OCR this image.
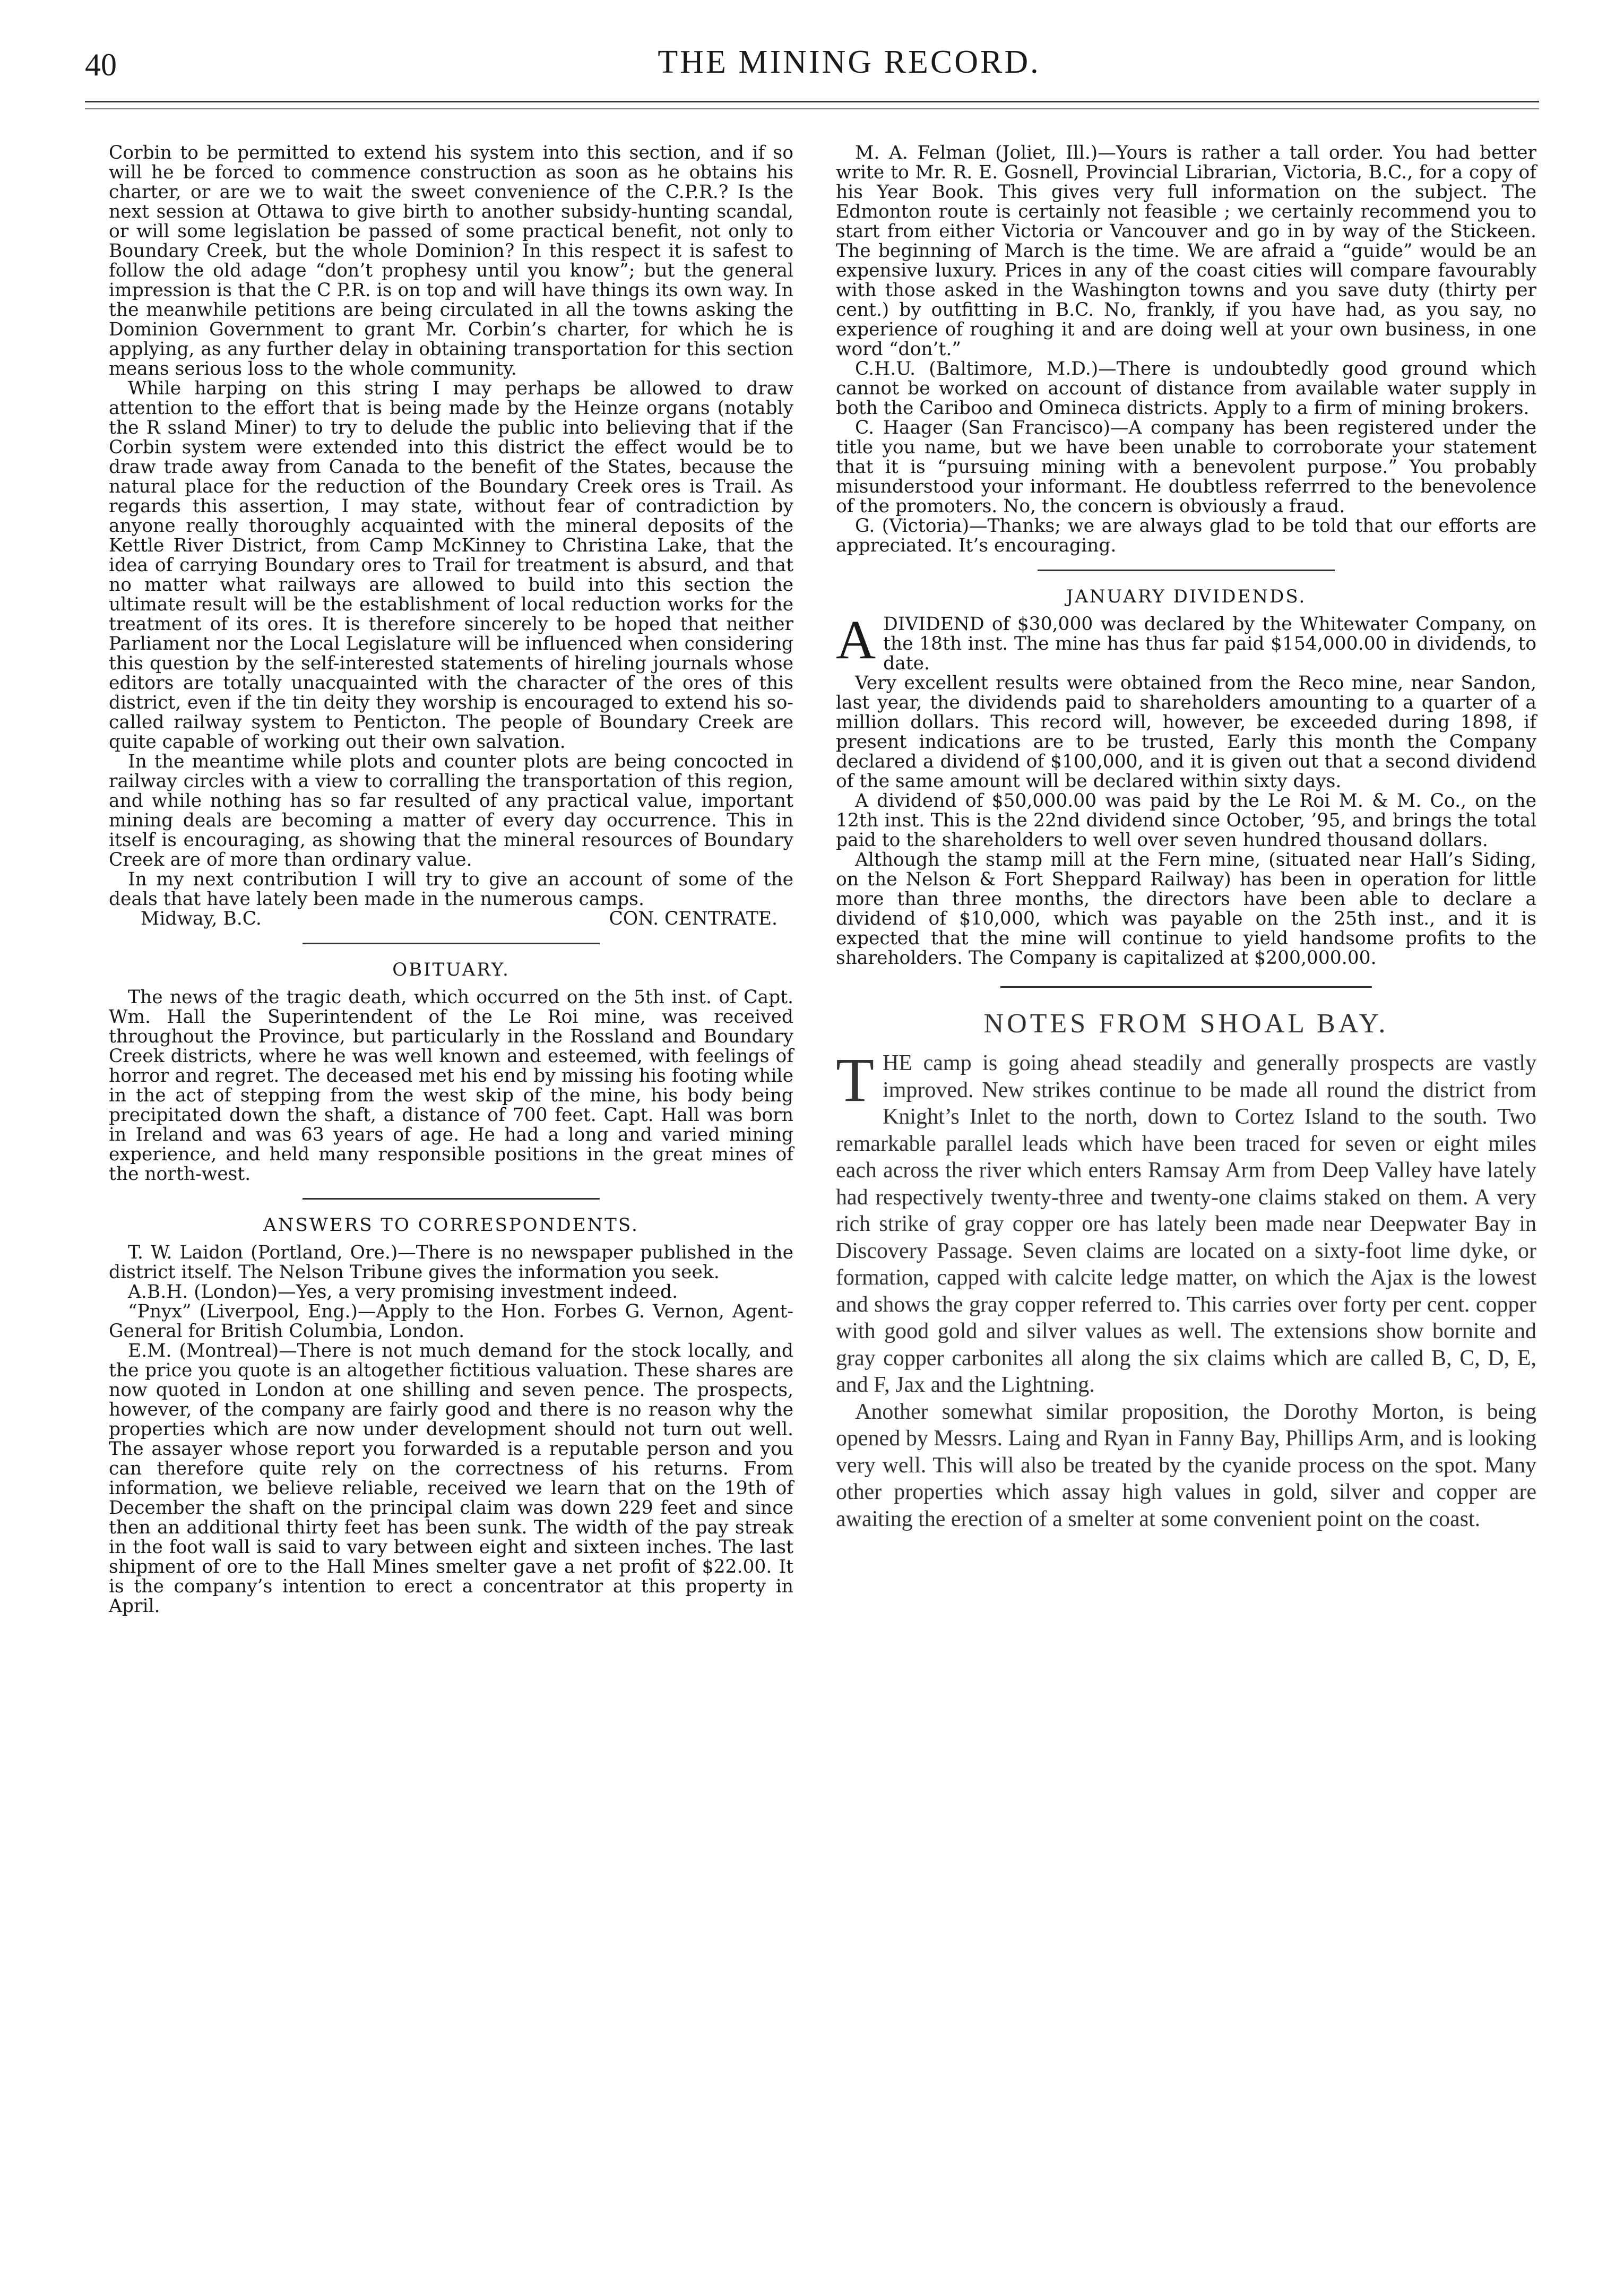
40	THE MINING RECORD.

Corbin to be permitted to extend his system into this section, and if so will he be forced to commence construction as soon as he obtains his charter, or are we to wait the sweet convenience of the C.P.R.? Is the next session at Ottawa to give birth to another subsidy-hunting scandal, or will some legislation be passed of some practical benefit, not only to Boundary Creek, but the whole Dominion? In this respect it is safest to follow the old adage “don’t prophesy until you know”; but the general impression is that the C P.R. is on top and will have things its own way. In the meanwhile petitions are being circulated in all the towns asking the Dominion Government to grant Mr. Corbin’s charter, for which he is applying, as any further delay in obtaining transportation for this section means serious loss to the whole community.

While harping on this string I may perhaps be allowed to draw attention to the effort that is being made by the Heinze organs (notably the R ssland Miner) to try to delude the public into believing that if the Corbin system were extended into this district the effect would be to draw trade away from Canada to the benefit of the States, because the natural place for the reduction of the Boundary Creek ores is Trail. As regards this assertion, I may state, without fear of contradiction by anyone really thoroughly acquainted with the mineral deposits of the Kettle River District, from Camp McKinney to Christina Lake, that the idea of carrying Boundary ores to Trail for treatment is absurd, and that no matter what railways are allowed to build into this section the ultimate result will be the establishment of local reduction works for the treatment of its ores. It is therefore sincerely to be hoped that neither Parliament nor the Local Legislature will be influenced when considering this question by the self-interested statements of hireling journals whose editors are totally unacquainted with the character of the ores of this district, even if the tin deity they worship is encouraged to extend his so-called railway system to Penticton. The people of Boundary Creek are quite capable of working out their own salvation.

In the meantime while plots and counter plots are being concocted in railway circles with a view to corralling the transportation of this region, and while nothing has so far resulted of any practical value, important mining deals are becoming a matter of every day occurrence. This in itself is encouraging, as showing that the mineral resources of Boundary Creek are of more than ordinary value.

In my next contribution I will try to give an account of some of the deals that have lately been made in the numerous camps.

Midway, B.C.	CON. CENTRATE.
OBITUARY.

The news of the tragic death, which occurred on the 5th inst. of Capt. Wm. Hall the Superintendent of the Le Roi mine, was received throughout the Province, but particularly in the Rossland and Boundary Creek districts, where he was well known and esteemed, with feelings of horror and regret. The deceased met his end by missing his footing while in the act of stepping from the west skip of the mine, his body being precipitated down the shaft, a distance of 700 feet. Capt. Hall was born in Ireland and was 63 years of age. He had a long and varied mining experience, and held many responsible positions in the great mines of the north-west.

ANSWERS TO CORRESPONDENTS.

T. W. Laidon (Portland, Ore.)—There is no newspaper published in the district itself. The Nelson Tribune gives the information you seek.

A.B.H. (London)—Yes, a very promising investment indeed.

“Pnyx” (Liverpool, Eng.)—Apply to the Hon. Forbes G. Vernon, Agent-General for British Columbia, London.

E.M. (Montreal)—There is not much demand for the stock locally, and the price you quote is an altogether fictitious valuation. These shares are now quoted in London at one shilling and seven pence. The prospects, however, of the company are fairly good and there is no reason why the properties which are now under development should not turn out well. The assayer whose report you forwarded is a reputable person and you can therefore quite rely on the correctness of his returns. From information, we believe reliable, received we learn that on the 19th of December the shaft on the principal claim was down 229 feet and since then an additional thirty feet has been sunk. The width of the pay streak in the foot wall is said to vary between eight and sixteen inches. The last shipment of ore to the Hall Mines smelter gave a net profit of $22.00. It is the company’s intention to erect a concentrator at this property in April.

M. A. Felman (Joliet, Ill.)—Yours is rather a tall order. You had better write to Mr. R. E. Gosnell, Provincial Librarian, Victoria, B.C., for a copy of his Year Book. This gives very full information on the subject. The Edmonton route is certainly not feasible ; we certainly recommend you to start from either Victoria or Vancouver and go in by way of the Stickeen. The beginning of March is the time. We are afraid a “guide” would be an expensive luxury. Prices in any of the coast cities will compare favourably with those asked in the Washington towns and you save duty (thirty per cent.) by outfitting in B.C. No, frankly, if you have had, as you say, no experience of roughing it and are doing well at your own business, in one word “don’t.”

C.H.U. (Baltimore, M.D.)—There is undoubtedly good ground which cannot be worked on account of distance from available water supply in both the Cariboo and Omineca districts. Apply to a firm of mining brokers.

C. Haager (San Francisco)—A company has been registered under the title you name, but we have been unable to corroborate your statement that it is “pursuing mining with a benevolent purpose.” You probably misunderstood your informant. He doubtless referrred to the benevolence of the promoters. No, the concern is obviously a fraud.

G. (Victoria)—Thanks; we are always glad to be told that our efforts are appreciated. It’s encouraging.

JANUARY DIVIDENDS.

ADIVIDEND of $30,000 was declared by the Whitewater Company, on the 18th inst. The mine has thus far paid $154,000.00 in dividends, to date.

Very excellent results were obtained from the Reco mine, near Sandon, last year, the dividends paid to shareholders amounting to a quarter of a million dollars. This record will, however, be exceeded during 1898, if present indications are to be trusted, Early this month the Company declared a dividend of $100,000, and it is given out that a second dividend of the same amount will be declared within sixty days.

A dividend of $50,000.00 was paid by the Le Roi M. & M. Co., on the 12th inst. This is the 22nd dividend since October, ’95, and brings the total paid to the shareholders to well over seven hundred thousand dollars.

Although the stamp mill at the Fern mine, (situated near Hall’s Siding, on the Nelson & Fort Sheppard Railway) has been in operation for little more than three months, the directors have been able to declare a dividend of $10,000, which was payable on the 25th inst., and it is expected that the mine will continue to yield handsome profits to the shareholders. The Company is capitalized at $200,000.00.

NOTES FROM SHOAL BAY.

THE camp is going ahead steadily and generally prospects are vastly improved. New strikes continue to be made all round the district from Knight’s Inlet to the north, down to Cortez Island to the south. Two remarkable parallel leads which have been traced for seven or eight miles each across the river which enters Ramsay Arm from Deep Valley have lately had respectively twenty-three and twenty-one claims staked on them. A very rich strike of gray copper ore has lately been made near Deepwater Bay in Discovery Passage. Seven claims are located on a sixty-foot lime dyke, or formation, capped with calcite ledge matter, on which the Ajax is the lowest and shows the gray copper referred to. This carries over forty per cent. copper with good gold and silver values as well. The extensions show bornite and gray copper carbonites all along the six claims which are called B, C, D, E, and F, Jax and the Lightning.

Another somewhat similar proposition, the Dorothy Morton, is being opened by Messrs. Laing and Ryan in Fanny Bay, Phillips Arm, and is looking very well. This will also be treated by the cyanide process on the spot. Many other properties which assay high values in gold, silver and copper are awaiting the erection of a smelter at some convenient point on the coast.
